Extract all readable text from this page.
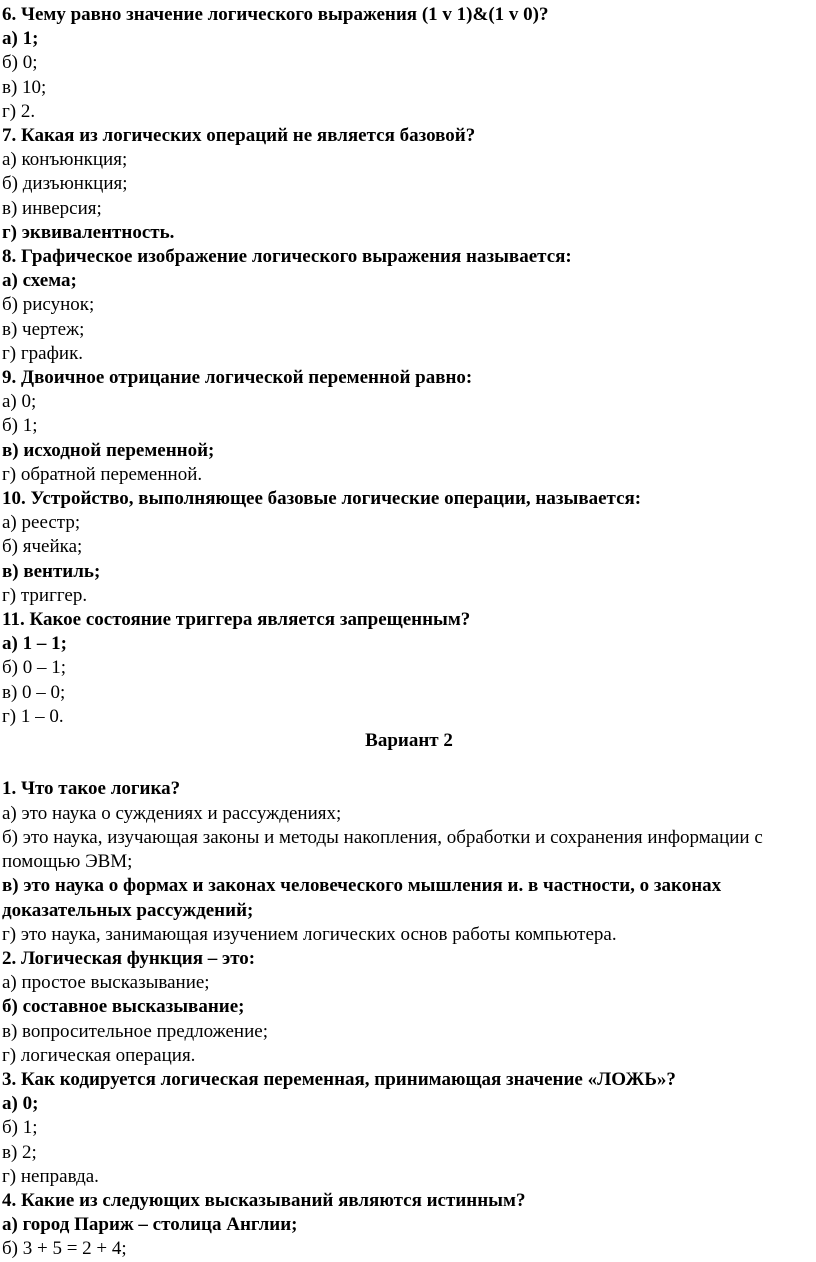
6. Чему равно значение логического выражения (1 v 1)&(1 v 0)?
а) 1;
б) 0;
в) 10;
г) 2.
7. Какая из логических операций не является базовой?
а) конъюнкция;
б) дизъюнкция;
в) инверсия;
г) эквивалентность.
8. Графическое изображение логического выражения называется:
а) схема;
б) рисунок;
в) чертеж;
г) график.
9. Двоичное отрицание логической переменной равно:
а) 0;
б) 1;
в) исходной переменной;
г) обратной переменной.
10. Устройство, выполняющее базовые логические операции, называется:
а) реестр;
б) ячейка;
в) вентиль;
г) триггер.
11. Какое состояние триггера является запрещенным?
а) 1 – 1;
б) 0 – 1;
в) 0 – 0;
г) 1 – 0.
Вариант 2
1. Что такое логика?
а) это наука о суждениях и рассуждениях;
б) это наука, изучающая законы и методы накопления, обработки и сохранения информации с помощью ЭВМ;
в) это наука о формах и законах человеческого мышления и. в частности, о законах доказательных рассуждений;
г) это наука, занимающая изучением логических основ работы компьютера.
2. Логическая функция – это:
а) простое высказывание;
б) составное высказывание;
в) вопросительное предложение;
г) логическая операция.
3. Как кодируется логическая переменная, принимающая значение «ЛОЖЬ»?
а) 0;
б) 1;
в) 2;
г) неправда.
4. Какие из следующих высказываний являются истинным?
а) город Париж – столица Англии;
б) 3 + 5 = 2 + 4;
